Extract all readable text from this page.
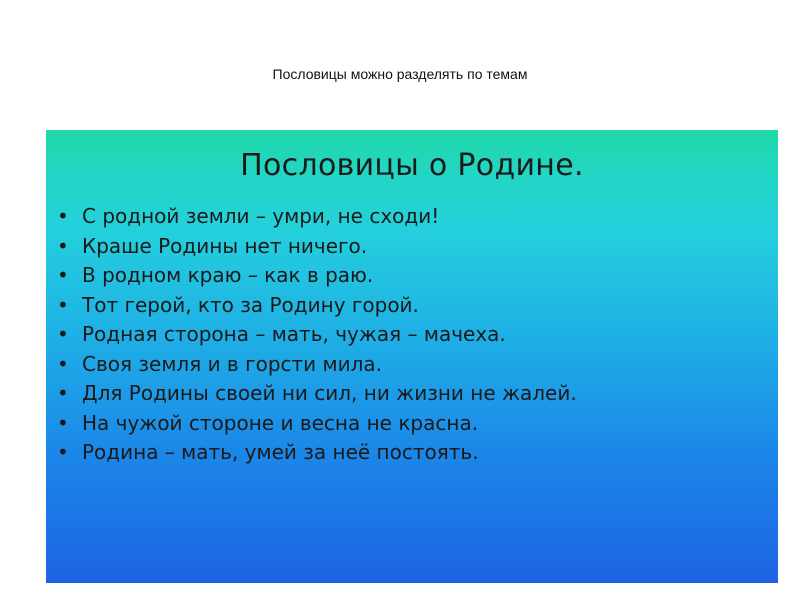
Пословицы можно разделять по темам
Пословицы о Родине.
• С родной земли – умри, не сходи!
• Краше Родины нет ничего.
• В родном краю – как в раю.
• Тот герой, кто за Родину горой.
• Родная сторона – мать, чужая – мачеха.
• Своя земля и в горсти мила.
• Для Родины своей ни сил, ни жизни не жалей.
• На чужой стороне и весна не красна.
• Родина – мать, умей за неё постоять.
